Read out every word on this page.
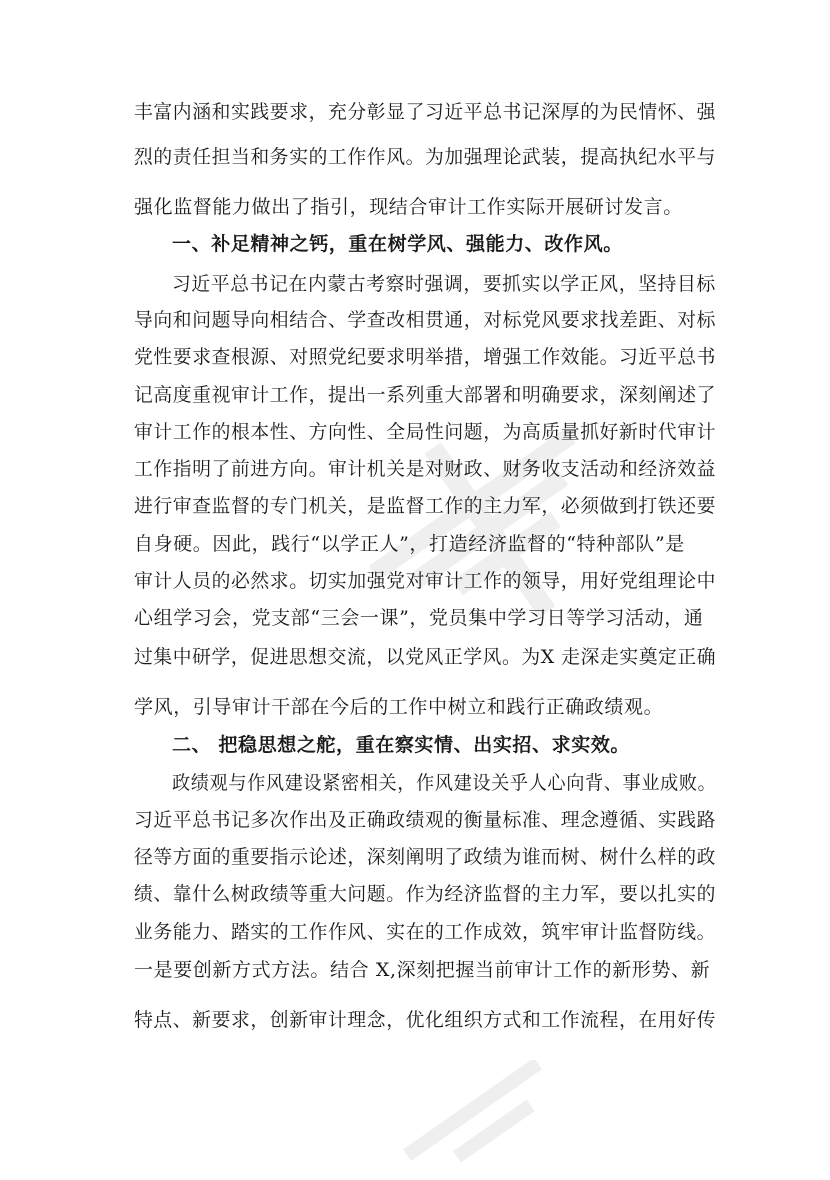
丰富内涵和实践要求，充分彰显了习近平总书记深厚的为民情怀、强
烈的责任担当和务实的工作作风。为加强理论武装，提高执纪水平与
强化监督能力做出了指引，现结合审计工作实际开展研讨发言。
一、补足精神之钙，重在树学风、强能力、改作风。
习近平总书记在内蒙古考察时强调，要抓实以学正风，坚持目标
导向和问题导向相结合、学查改相贯通，对标党风要求找差距、对标
党性要求查根源、对照党纪要求明举措，增强工作效能。习近平总书
记高度重视审计工作，提出一系列重大部署和明确要求，深刻阐述了
审计工作的根本性、方向性、全局性问题，为高质量抓好新时代审计
工作指明了前进方向。审计机关是对财政、财务收支活动和经济效益
进行审查监督的专门机关，是监督工作的主力军，必须做到打铁还要
自身硬。因此，践行“以学正人”，打造经济监督的“特种部队”是
审计人员的必然求。切实加强党对审计工作的领导，用好党组理论中
心组学习会，党支部“三会一课”，党员集中学习日等学习活动，通
过集中研学，促进思想交流，以党风正学风。为X 走深走实奠定正确
学风，引导审计干部在今后的工作中树立和践行正确政绩观。
二、 把稳思想之舵，重在察实情、出实招、求实效。
政绩观与作风建设紧密相关，作风建设关乎人心向背、事业成败。
习近平总书记多次作出及正确政绩观的衡量标准、理念遵循、实践路
径等方面的重要指示论述，深刻阐明了政绩为谁而树、树什么样的政
绩、靠什么树政绩等重大问题。作为经济监督的主力军，要以扎实的
业务能力、踏实的工作作风、实在的工作成效，筑牢审计监督防线。
一是要创新方式方法。结合 X,深刻把握当前审计工作的新形势、新
特点、新要求，创新审计理念，优化组织方式和工作流程，在用好传
